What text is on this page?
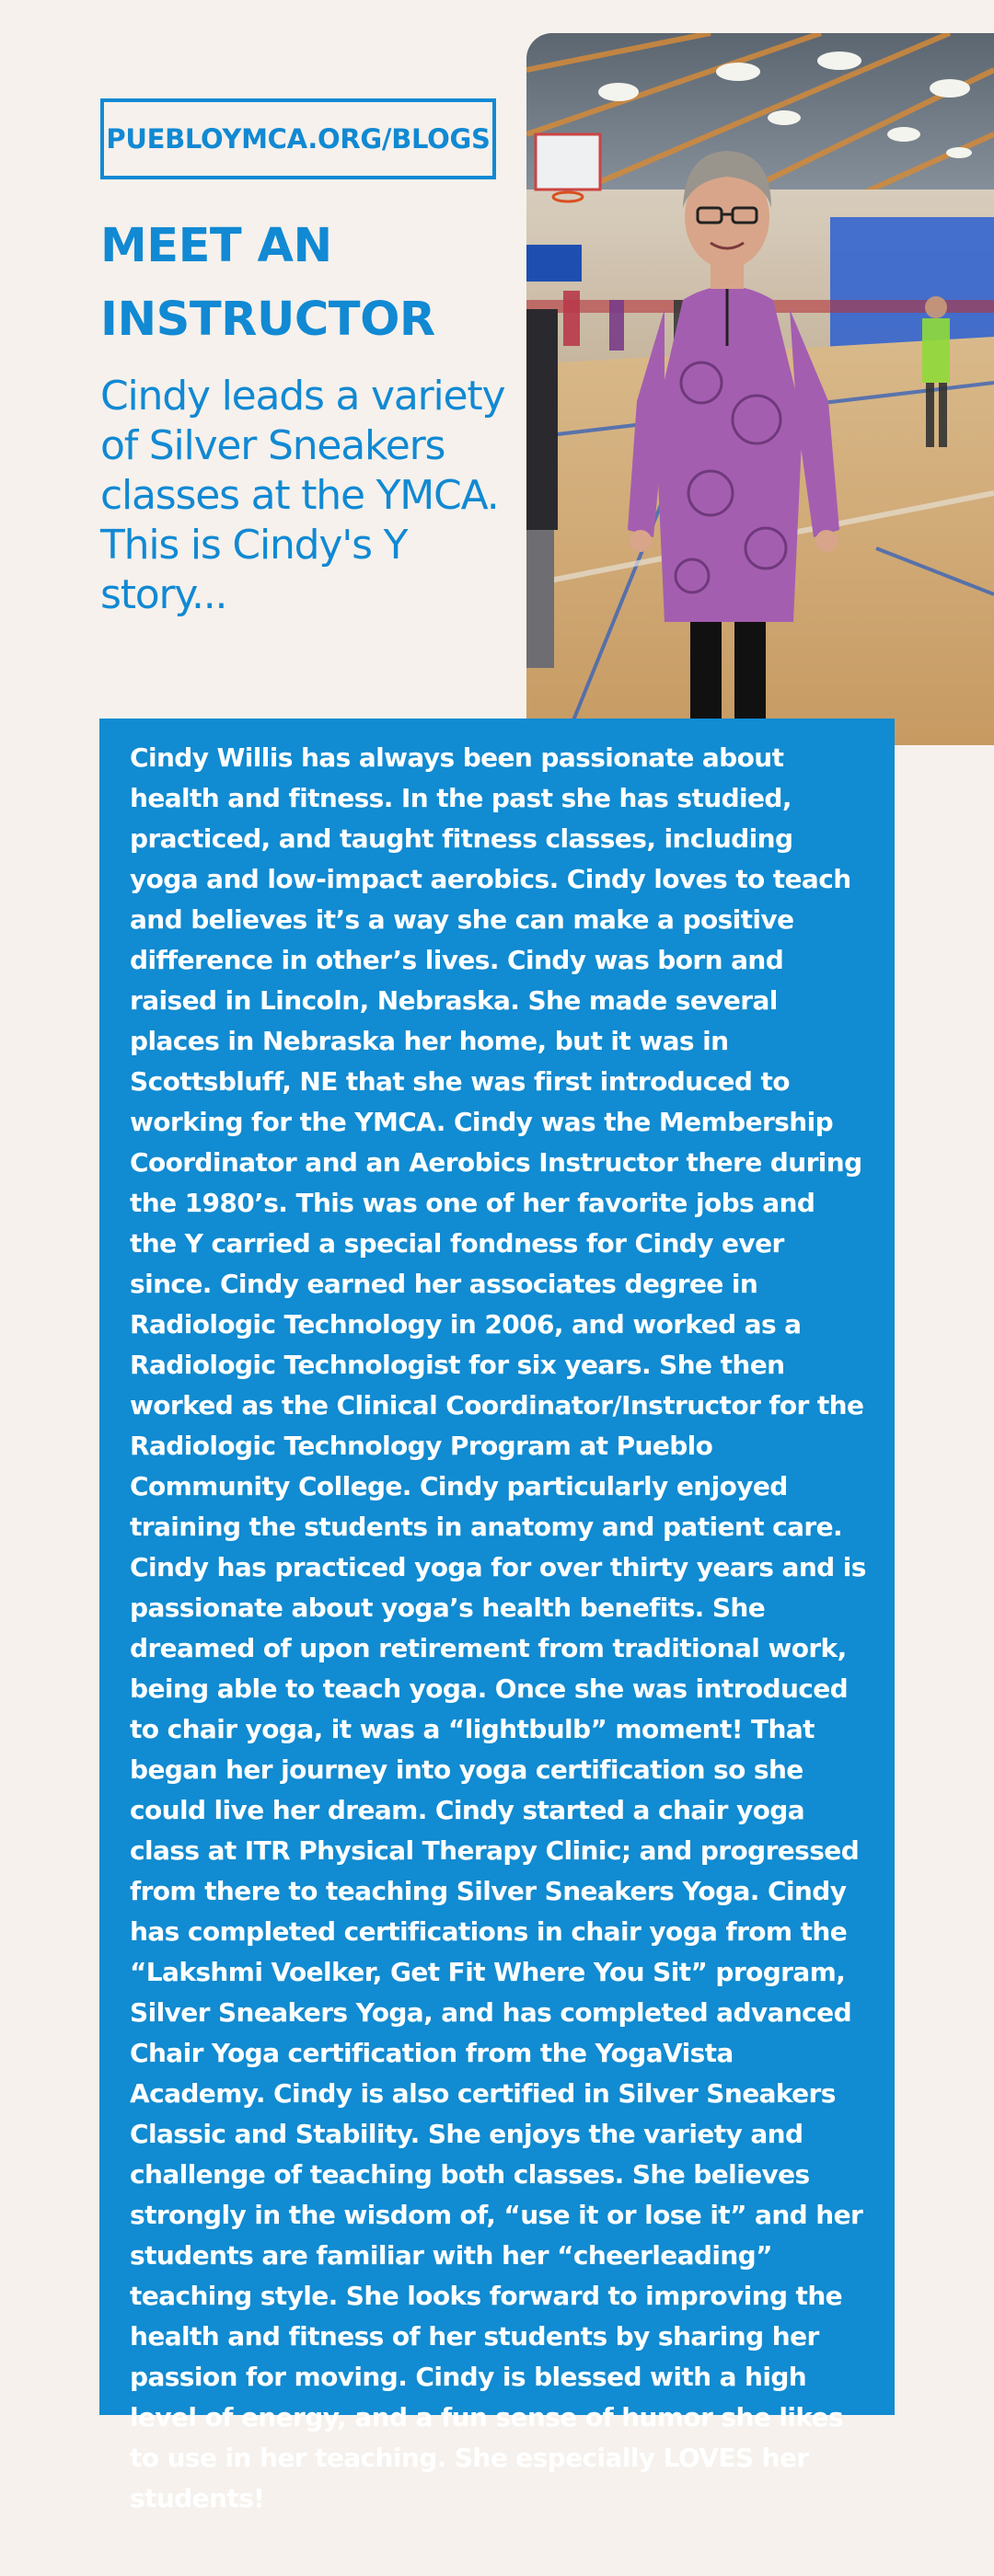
PUEBLOYMCA.ORG/BLOGS
MEET AN INSTRUCTOR

Cindy leads a variety of Silver Sneakers classes at the YMCA. This is Cindy's Y story...

Cindy Willis has always been passionate about health and fitness. In the past she has studied, practiced, and taught fitness classes, including yoga and low-impact aerobics. Cindy loves to teach and believes it’s a way she can make a positive difference in other’s lives. Cindy was born and raised in Lincoln, Nebraska. She made several places in Nebraska her home, but it was in Scottsbluff, NE that she was first introduced to working for the YMCA. Cindy was the Membership Coordinator and an Aerobics Instructor there during the 1980’s. This was one of her favorite jobs and the Y carried a special fondness for Cindy ever since. Cindy earned her associates degree in Radiologic Technology in 2006, and worked as a Radiologic Technologist for six years. She then worked as the Clinical Coordinator/Instructor for the Radiologic Technology Program at Pueblo Community College. Cindy particularly enjoyed training the students in anatomy and patient care. Cindy has practiced yoga for over thirty years and is passionate about yoga’s health benefits. She dreamed of upon retirement from traditional work, being able to teach yoga. Once she was introduced to chair yoga, it was a “lightbulb” moment! That began her journey into yoga certification so she could live her dream. Cindy started a chair yoga class at ITR Physical Therapy Clinic; and progressed from there to teaching Silver Sneakers Yoga. Cindy has completed certifications in chair yoga from the “Lakshmi Voelker, Get Fit Where You Sit” program, Silver Sneakers Yoga, and has completed advanced Chair Yoga certification from the YogaVista Academy. Cindy is also certified in Silver Sneakers Classic and Stability. She enjoys the variety and challenge of teaching both classes. She believes strongly in the wisdom of, “use it or lose it” and her students are familiar with her “cheerleading” teaching style. She looks forward to improving the health and fitness of her students by sharing her passion for moving. Cindy is blessed with a high level of energy, and a fun sense of humor she likes to use in her teaching. She especially LOVES her students!
